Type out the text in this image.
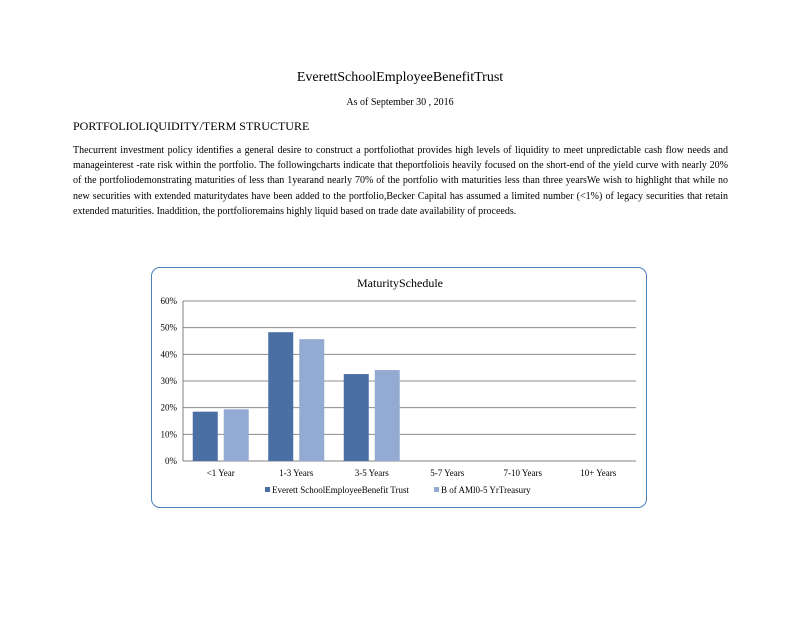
EverettSchoolEmployeeBenefitTrust
As of September 30 , 2016
PORTFOLIOLIQUIDITY/TERM STRUCTURE
Thecurrent investment policy identifies a general desire to construct a portfoliothat provides high levels of liquidity to meet unpredictable cash flow needs and manageinterest -rate risk within the portfolio. The followingcharts indicate that theportfoliois heavily focused on the short-end of the yield curve with nearly 20% of the portfoliodemonstrating maturities of less than 1yearand nearly 70% of the portfolio with maturities less than three yearsWe wish to highlight that while no new securities with extended maturitydates have been added to the portfolio,Becker Capital has assumed a limited number (<1%) of legacy securities that retain extended maturities. Inaddition, the portfolioremains highly liquid based on trade date availability of proceeds.
MaturitySchedule
0%
10%
20%
30%
40%
50%
60%
<1 Year	1-3 Years	3-5 Years	5-7 Years	7-10 Years	10+ Years
Everett SchoolEmployeeBenefit Trust	B of AMl0-5 YrTreasury
